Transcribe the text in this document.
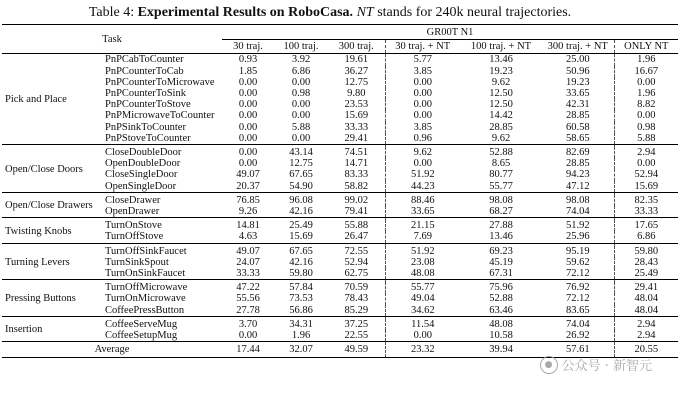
Table 4: Experimental Results on RoboCasa. NT stands for 240k neural trajectories.
Task		GR00T N1						
		30 traj.	100 traj.	300 traj.	30 traj. + NT	100 traj. + NT	300 traj. + NT	ONLY NT
Pick and Place	PnPCabToCounter	0.93	3.92	19.61	5.77	13.46	25.00	1.96
	PnPCounterToCab	1.85	6.86	36.27	3.85	19.23	50.96	16.67
	PnPCounterToMicrowave	0.00	0.00	12.75	0.00	9.62	19.23	0.00
	PnPCounterToSink	0.00	0.98	9.80	0.00	12.50	33.65	1.96
	PnPCounterToStove	0.00	0.00	23.53	0.00	12.50	42.31	8.82
	PnPMicrowaveToCounter	0.00	0.00	15.69	0.00	14.42	28.85	0.00
	PnPSinkToCounter	0.00	5.88	33.33	3.85	28.85	60.58	0.98
	PnPStoveToCounter	0.00	0.00	29.41	0.96	9.62	58.65	5.88

Open/Close Doors	CloseDoubleDoor	0.00	43.14	74.51	9.62	52.88	82.69	2.94
	OpenDoubleDoor	0.00	12.75	14.71	0.00	8.65	28.85	0.00
	CloseSingleDoor	49.07	67.65	83.33	51.92	80.77	94.23	52.94
	OpenSingleDoor	20.37	54.90	58.82	44.23	55.77	47.12	15.69

Open/Close Drawers	CloseDrawer	76.85	96.08	99.02	88.46	98.08	98.08	82.35
	OpenDrawer	9.26	42.16	79.41	33.65	68.27	74.04	33.33

Twisting Knobs	TurnOnStove	14.81	25.49	55.88	21.15	27.88	51.92	17.65
	TurnOffStove	4.63	15.69	26.47	7.69	13.46	25.96	6.86

Turning Levers	TurnOffSinkFaucet	49.07	67.65	72.55	51.92	69.23	95.19	59.80
	TurnSinkSpout	24.07	42.16	52.94	23.08	45.19	59.62	28.43
	TurnOnSinkFaucet	33.33	59.80	62.75	48.08	67.31	72.12	25.49

Pressing Buttons	TurnOffMicrowave	47.22	57.84	70.59	55.77	75.96	76.92	29.41
	TurnOnMicrowave	55.56	73.53	78.43	49.04	52.88	72.12	48.04
	CoffeePressButton	27.78	56.86	85.29	34.62	63.46	83.65	48.04

Insertion	CoffeeServeMug	3.70	34.31	37.25	11.54	48.08	74.04	2.94
	CoffeeSetupMug	0.00	1.96	22.55	0.00	10.58	26.92	2.94
Average		17.44	32.07	49.59	23.32	39.94	57.61	20.55
● 公众号 · 新智元
